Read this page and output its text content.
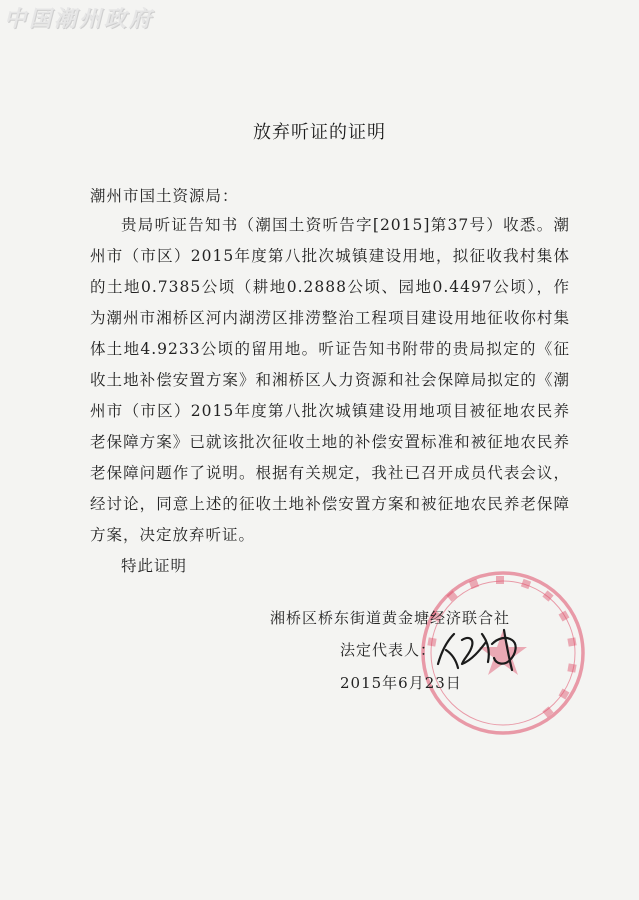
中国潮州政府
放弃听证的证明
潮州市国土资源局：

贵局听证告知书（潮国土资听告字[2015]第37号）收悉。潮州市（市区）2015年度第八批次城镇建设用地，拟征收我村集体的土地0.7385公顷（耕地0.2888公顷、园地0.4497公顷），作为潮州市湘桥区河内湖涝区排涝整治工程项目建设用地征收你村集体土地4.9233公顷的留用地。听证告知书附带的贵局拟定的《征收土地补偿安置方案》和湘桥区人力资源和社会保障局拟定的《潮州市（市区）2015年度第八批次城镇建设用地项目被征地农民养老保障方案》已就该批次征收土地的补偿安置标准和被征地农民养老保障问题作了说明。根据有关规定，我社已召开成员代表会议，经讨论，同意上述的征收土地补偿安置方案和被征地农民养老保障方案，决定放弃听证。

特此证明

湘桥区桥东街道黄金塘经济联合社
法定代表人：
2015年6月23日
